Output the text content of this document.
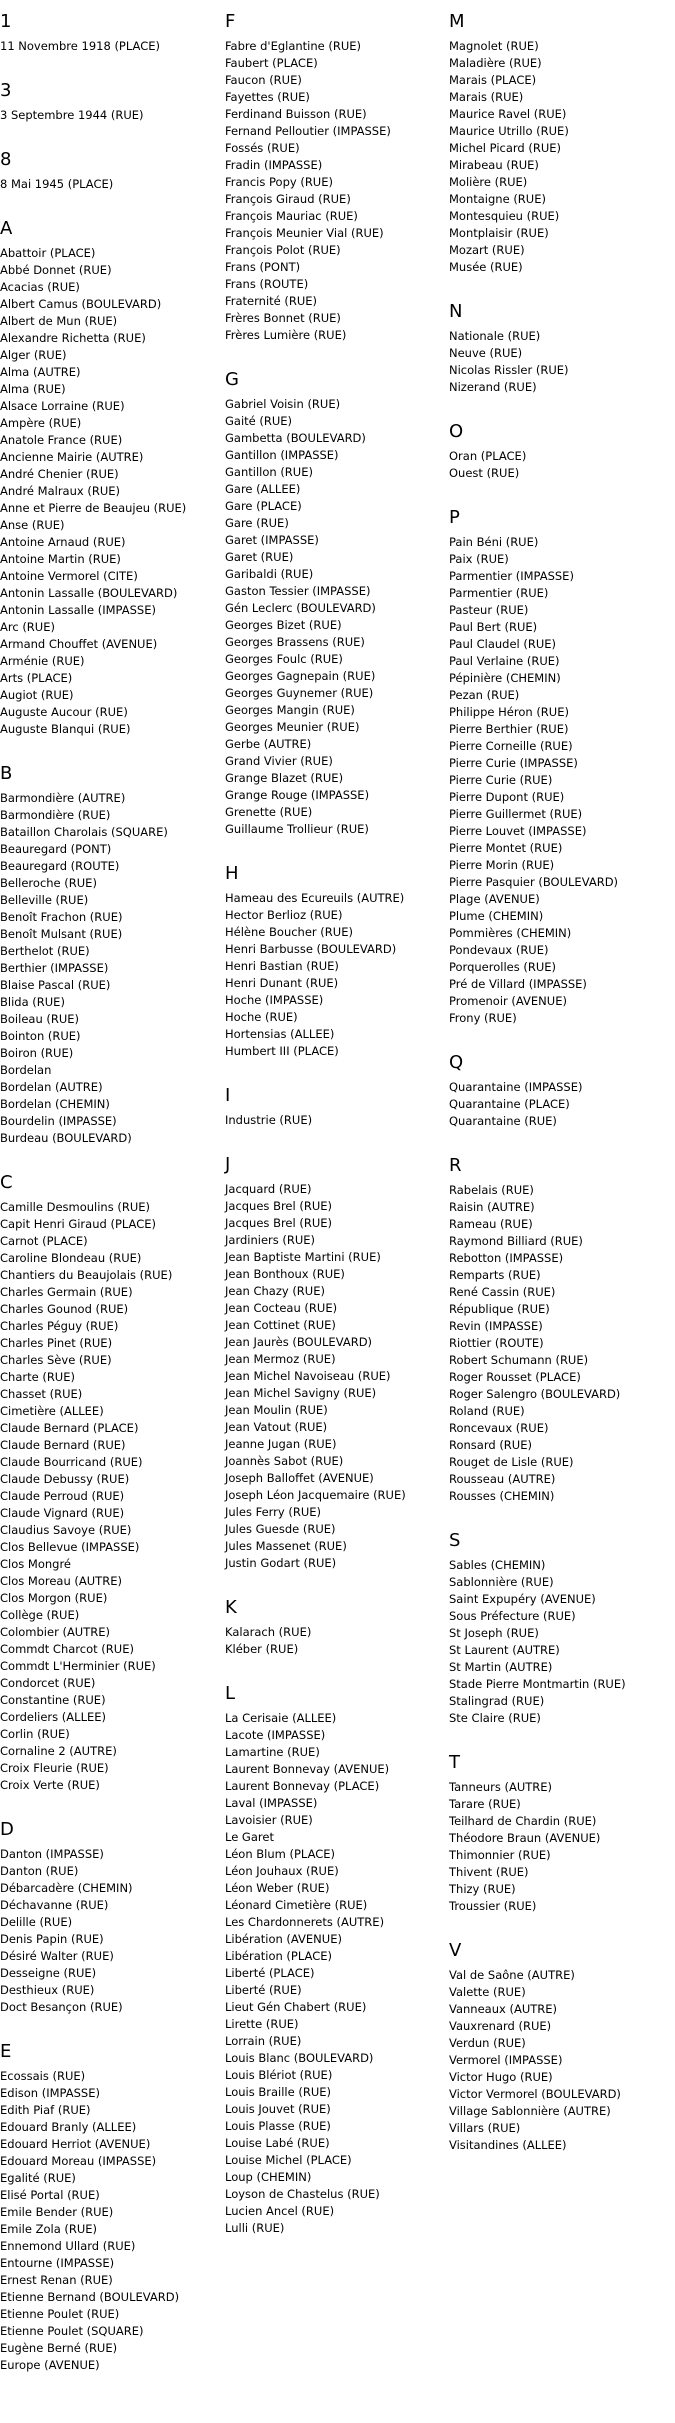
1
11 Novembre 1918 (PLACE)
3
3 Septembre 1944 (RUE)
8
8 Mai 1945 (PLACE)
A
Abattoir (PLACE)
Abbé Donnet (RUE)
Acacias (RUE)
Albert Camus (BOULEVARD)
Albert de Mun (RUE)
Alexandre Richetta (RUE)
Alger (RUE)
Alma (AUTRE)
Alma (RUE)
Alsace Lorraine (RUE)
Ampère (RUE)
Anatole France (RUE)
Ancienne Mairie (AUTRE)
André Chenier (RUE)
André Malraux (RUE)
Anne et Pierre de Beaujeu (RUE)
Anse (RUE)
Antoine Arnaud (RUE)
Antoine Martin (RUE)
Antoine Vermorel (CITE)
Antonin Lassalle (BOULEVARD)
Antonin Lassalle (IMPASSE)
Arc (RUE)
Armand Chouffet (AVENUE)
Arménie (RUE)
Arts (PLACE)
Augiot (RUE)
Auguste Aucour (RUE)
Auguste Blanqui (RUE)
B
Barmondière (AUTRE)
Barmondière (RUE)
Bataillon Charolais (SQUARE)
Beauregard (PONT)
Beauregard (ROUTE)
Belleroche (RUE)
Belleville (RUE)
Benoît Frachon (RUE)
Benoît Mulsant (RUE)
Berthelot (RUE)
Berthier (IMPASSE)
Blaise Pascal (RUE)
Blida (RUE)
Boileau (RUE)
Bointon (RUE)
Boiron (RUE)
Bordelan
Bordelan (AUTRE)
Bordelan (CHEMIN)
Bourdelin (IMPASSE)
Burdeau (BOULEVARD)
C
Camille Desmoulins (RUE)
Capit Henri Giraud (PLACE)
Carnot (PLACE)
Caroline Blondeau (RUE)
Chantiers du Beaujolais (RUE)
Charles Germain (RUE)
Charles Gounod (RUE)
Charles Péguy (RUE)
Charles Pinet (RUE)
Charles Sève (RUE)
Charte (RUE)
Chasset (RUE)
Cimetière (ALLEE)
Claude Bernard (PLACE)
Claude Bernard (RUE)
Claude Bourricand (RUE)
Claude Debussy (RUE)
Claude Perroud (RUE)
Claude Vignard (RUE)
Claudius Savoye (RUE)
Clos Bellevue (IMPASSE)
Clos Mongré
Clos Moreau (AUTRE)
Clos Morgon (RUE)
Collège (RUE)
Colombier (AUTRE)
Commdt Charcot (RUE)
Commdt L'Herminier (RUE)
Condorcet (RUE)
Constantine (RUE)
Cordeliers (ALLEE)
Corlin (RUE)
Cornaline 2 (AUTRE)
Croix Fleurie (RUE)
Croix Verte (RUE)
D
Danton (IMPASSE)
Danton (RUE)
Débarcadère (CHEMIN)
Déchavanne (RUE)
Delille (RUE)
Denis Papin (RUE)
Désiré Walter (RUE)
Desseigne (RUE)
Desthieux (RUE)
Doct Besançon (RUE)
E
Ecossais (RUE)
Edison (IMPASSE)
Edith Piaf (RUE)
Edouard Branly (ALLEE)
Edouard Herriot (AVENUE)
Edouard Moreau (IMPASSE)
Egalité (RUE)
Elisé Portal (RUE)
Emile Bender (RUE)
Emile Zola (RUE)
Ennemond Ullard (RUE)
Entourne (IMPASSE)
Ernest Renan (RUE)
Etienne Bernand (BOULEVARD)
Etienne Poulet (RUE)
Etienne Poulet (SQUARE)
Eugène Berné (RUE)
Europe (AVENUE)
F
Fabre d'Eglantine (RUE)
Faubert (PLACE)
Faucon (RUE)
Fayettes (RUE)
Ferdinand Buisson (RUE)
Fernand Pelloutier (IMPASSE)
Fossés (RUE)
Fradin (IMPASSE)
Francis Popy (RUE)
François Giraud (RUE)
François Mauriac (RUE)
François Meunier Vial (RUE)
François Polot (RUE)
Frans (PONT)
Frans (ROUTE)
Fraternité (RUE)
Frères Bonnet (RUE)
Frères Lumière (RUE)
G
Gabriel Voisin (RUE)
Gaité (RUE)
Gambetta (BOULEVARD)
Gantillon (IMPASSE)
Gantillon (RUE)
Gare (ALLEE)
Gare (PLACE)
Gare (RUE)
Garet (IMPASSE)
Garet (RUE)
Garibaldi (RUE)
Gaston Tessier (IMPASSE)
Gén Leclerc (BOULEVARD)
Georges Bizet (RUE)
Georges Brassens (RUE)
Georges Foulc (RUE)
Georges Gagnepain (RUE)
Georges Guynemer (RUE)
Georges Mangin (RUE)
Georges Meunier (RUE)
Gerbe (AUTRE)
Grand Vivier (RUE)
Grange Blazet (RUE)
Grange Rouge (IMPASSE)
Grenette (RUE)
Guillaume Trollieur (RUE)
H
Hameau des Ecureuils (AUTRE)
Hector Berlioz (RUE)
Hélène Boucher (RUE)
Henri Barbusse (BOULEVARD)
Henri Bastian (RUE)
Henri Dunant (RUE)
Hoche (IMPASSE)
Hoche (RUE)
Hortensias (ALLEE)
Humbert III (PLACE)
I
Industrie (RUE)
J
Jacquard (RUE)
Jacques Brel (RUE)
Jacques Brel (RUE)
Jardiniers (RUE)
Jean Baptiste Martini (RUE)
Jean Bonthoux (RUE)
Jean Chazy (RUE)
Jean Cocteau (RUE)
Jean Cottinet (RUE)
Jean Jaurès (BOULEVARD)
Jean Mermoz (RUE)
Jean Michel Navoiseau (RUE)
Jean Michel Savigny (RUE)
Jean Moulin (RUE)
Jean Vatout (RUE)
Jeanne Jugan (RUE)
Joannès Sabot (RUE)
Joseph Balloffet (AVENUE)
Joseph Léon Jacquemaire (RUE)
Jules Ferry (RUE)
Jules Guesde (RUE)
Jules Massenet (RUE)
Justin Godart (RUE)
K
Kalarach (RUE)
Kléber (RUE)
L
La Cerisaie (ALLEE)
Lacote (IMPASSE)
Lamartine (RUE)
Laurent Bonnevay (AVENUE)
Laurent Bonnevay (PLACE)
Laval (IMPASSE)
Lavoisier (RUE)
Le Garet
Léon Blum (PLACE)
Léon Jouhaux (RUE)
Léon Weber (RUE)
Léonard Cimetière (RUE)
Les Chardonnerets (AUTRE)
Libération (AVENUE)
Libération (PLACE)
Liberté (PLACE)
Liberté (RUE)
Lieut Gén Chabert (RUE)
Lirette (RUE)
Lorrain (RUE)
Louis Blanc (BOULEVARD)
Louis Blériot (RUE)
Louis Braille (RUE)
Louis Jouvet (RUE)
Louis Plasse (RUE)
Louise Labé (RUE)
Louise Michel (PLACE)
Loup (CHEMIN)
Loyson de Chastelus (RUE)
Lucien Ancel (RUE)
Lulli (RUE)
M
Magnolet (RUE)
Maladière (RUE)
Marais (PLACE)
Marais (RUE)
Maurice Ravel (RUE)
Maurice Utrillo (RUE)
Michel Picard (RUE)
Mirabeau (RUE)
Molière (RUE)
Montaigne (RUE)
Montesquieu (RUE)
Montplaisir (RUE)
Mozart (RUE)
Musée (RUE)
N
Nationale (RUE)
Neuve (RUE)
Nicolas Rissler (RUE)
Nizerand (RUE)
O
Oran (PLACE)
Ouest (RUE)
P
Pain Béni (RUE)
Paix (RUE)
Parmentier (IMPASSE)
Parmentier (RUE)
Pasteur (RUE)
Paul Bert (RUE)
Paul Claudel (RUE)
Paul Verlaine (RUE)
Pépinière (CHEMIN)
Pezan (RUE)
Philippe Héron (RUE)
Pierre Berthier (RUE)
Pierre Corneille (RUE)
Pierre Curie (IMPASSE)
Pierre Curie (RUE)
Pierre Dupont (RUE)
Pierre Guillermet (RUE)
Pierre Louvet (IMPASSE)
Pierre Montet (RUE)
Pierre Morin (RUE)
Pierre Pasquier (BOULEVARD)
Plage (AVENUE)
Plume (CHEMIN)
Pommières (CHEMIN)
Pondevaux (RUE)
Porquerolles (RUE)
Pré de Villard (IMPASSE)
Promenoir (AVENUE)
Frony (RUE)
Q
Quarantaine (IMPASSE)
Quarantaine (PLACE)
Quarantaine (RUE)
R
Rabelais (RUE)
Raisin (AUTRE)
Rameau (RUE)
Raymond Billiard (RUE)
Rebotton (IMPASSE)
Remparts (RUE)
René Cassin (RUE)
République (RUE)
Revin (IMPASSE)
Riottier (ROUTE)
Robert Schumann (RUE)
Roger Rousset (PLACE)
Roger Salengro (BOULEVARD)
Roland (RUE)
Roncevaux (RUE)
Ronsard (RUE)
Rouget de Lisle (RUE)
Rousseau (AUTRE)
Rousses (CHEMIN)
S
Sables (CHEMIN)
Sablonnière (RUE)
Saint Expupéry (AVENUE)
Sous Préfecture (RUE)
St Joseph (RUE)
St Laurent (AUTRE)
St Martin (AUTRE)
Stade Pierre Montmartin (RUE)
Stalingrad (RUE)
Ste Claire (RUE)
T
Tanneurs (AUTRE)
Tarare (RUE)
Teilhard de Chardin (RUE)
Théodore Braun (AVENUE)
Thimonnier (RUE)
Thivent (RUE)
Thizy (RUE)
Troussier (RUE)
V
Val de Saône (AUTRE)
Valette (RUE)
Vanneaux (AUTRE)
Vauxrenard (RUE)
Verdun (RUE)
Vermorel (IMPASSE)
Victor Hugo (RUE)
Victor Vermorel (BOULEVARD)
Village Sablonnière (AUTRE)
Villars (RUE)
Visitandines (ALLEE)
